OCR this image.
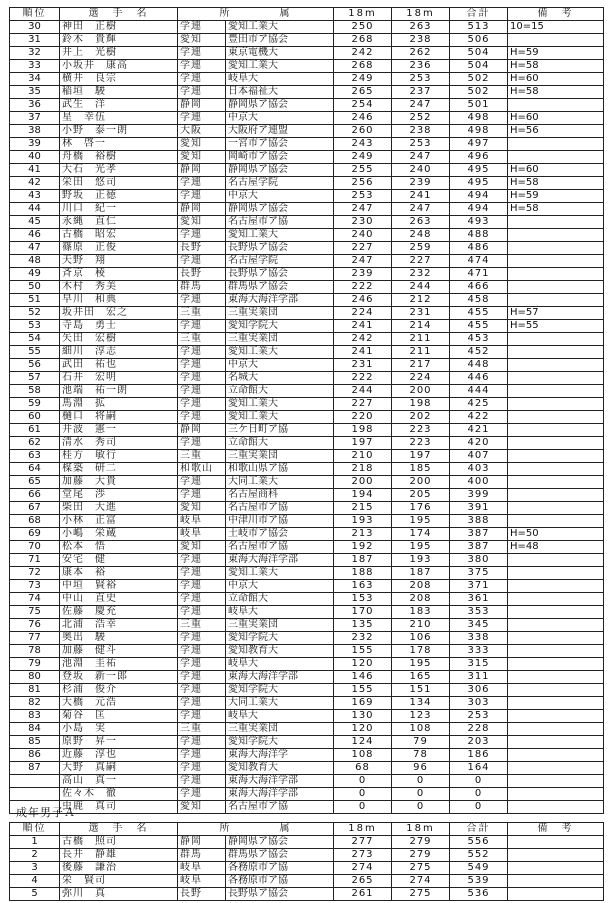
順位	選　手　名	所　　　　属		18m	18m	合計	備　考
30	神田　正樹	学連	愛知工業大	250	263	513	10=15
31	鈴木　貴輝	愛知	豊田市ア協会	268	238	506	
32	井上　光樹	学連	東京電機大	242	262	504	H=59
33	小坂井　康高	学連	愛知工業大	268	236	504	H=58
34	横井　良宗	学連	岐阜大	249	253	502	H=60
35	稲垣　駿	学連	日本福祉大	265	237	502	H=58
36	武生　洋	静岡	静岡県ア協会	254	247	501	
37	星　幸伍	学連	中京大	246	252	498	H=60
38	小野　泰一朗	大阪	大阪府ア連盟	260	238	498	H=56
39	林　啓一	愛知	一宮市ア協会	243	253	497	
40	舟橋　裕樹	愛知	岡崎市ア協会	249	247	496	
41	大石　光孝	静岡	静岡県ア協会	255	240	495	H=60
42	栄田　悠司	学連	名古屋学院	256	239	495	H=58
43	野坂　正徳	学連	中京大	253	241	494	H=59
44	川口　紀一	静岡	静岡県ア協会	247	247	494	H=58
45	永縄　直仁	愛知	名古屋市ア協	230	263	493	
46	古橋　昭宏	学連	愛知工業大	240	248	488	
47	篠原　正俊	長野	長野県ア協会	227	259	486	
48	天野　翔	学連	名古屋学院	247	227	474	
49	斉京　稜	長野	長野県ア協会	239	232	471	
50	木村　秀美	群馬	群馬県ア協会	222	244	466	
51	早川　和典	学連	東海大海洋学部	246	212	458	
52	坂井田　宏之	三重	三重実業団	224	231	455	H=57
53	寺島　勇士	学連	愛知学院大	241	214	455	H=55
54	矢田　宏樹	三重	三重実業団	242	211	453	
55	細川　淳志	学連	愛知工業大	241	211	452	
56	武田　祐也	学連	中京大	231	217	448	
57	石井　宏明	学連	名城大	222	224	446	
58	池端　祐一朗	学連	立命館大	244	200	444	
59	馬淵　拡	学連	愛知工業大	227	198	425	
60	樋口　将嗣	学連	愛知工業大	220	202	422	
61	井波　憲一	静岡	三ケ日町ア協	198	223	421	
62	清水　秀司	学連	立命館大	197	223	420	
63	桂方　敏行	三重	三重実業団	210	197	407	
64	楳築　研二	和歌山	和歌山県ア協	218	185	403	
65	加藤　大貴	学連	大同工業大	200	200	400	
66	堂尾　渉	学連	名古屋商科	194	205	399	
67	柴田　大進	愛知	名古屋市ア協	215	176	391	
68	小林　正富	岐阜	中津川市ア協	193	195	388	
69	小嶋　栄蔵	岐阜	土岐市ア協会	213	174	387	H=50
70	松本　悟	愛知	名古屋市ア協	192	195	387	H=48
71	安宅　健	学連	東海大海洋学部	187	193	380	
72	康本　裕	学連	愛知工業大	188	187	375	
73	中垣　賢裕	学連	中京大	163	208	371	
74	中山　直史	学連	立命館大	153	208	361	
75	佐藤　慶充	学連	岐阜大	170	183	353	
76	北浦　浩幸	三重	三重実業団	135	210	345	
77	奥出　駿	学連	愛知学院大	232	106	338	
78	加藤　健斗	学連	愛知教育大	155	178	333	
79	池淵　圭祐	学連	岐阜大	120	195	315	
80	登坂　新一郎	学連	東海大海洋学部	146	165	311	
81	杉浦　俊介	学連	愛知学院大	155	151	306	
82	大橋　元浩	学連	大同工業大	169	134	303	
83	菊谷　匡	学連	岐阜大	130	123	253	
84	小島　実	三重	三重実業団	120	108	228	
85	原野　昇一	学連	愛知学院大	124	79	203	
86	近藤　淳也	学連	東海大海洋学	108	78	186	
87	大野　真嗣	学連	愛知教育大	68	96	164	
	高山　真一	学連	東海大海洋学部	0	0	0	
	佐々木　徹	学連	東海大海洋学部	0	0	0	
	虫鹿　真司	愛知	名古屋市ア協	0	0	0	
成年男子Ａ
順位	選　手　名	所　　　　属		18m	18m	合計	備　考
1	古橋　照司	静岡	静岡県ア協会	277	279	556	
2	長井　静雄	群馬	群馬県ア協会	273	279	552	
3	後藤　謙治	岐阜	各務原市ア協	274	275	549	
4	栄　賢司	岐阜	各務原市ア協	265	274	539	
5	弥川　真	長野	長野県ア協会	261	275	536	
